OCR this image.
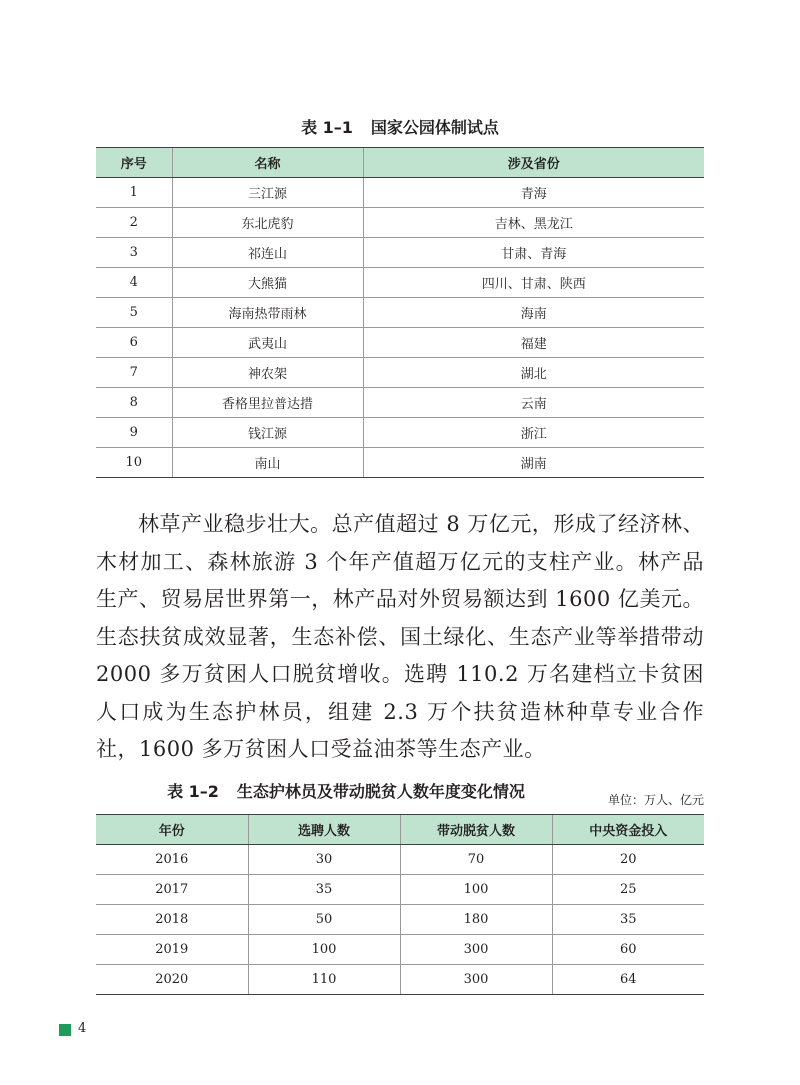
表 1–1 国家公园体制试点
序号	名称	涉及省份
1	三江源	青海
2	东北虎豹	吉林、黑龙江
3	祁连山	甘肃、青海
4	大熊猫	四川、甘肃、陕西
5	海南热带雨林	海南
6	武夷山	福建
7	神农架	湖北
8	香格里拉普达措	云南
9	钱江源	浙江
10	南山	湖南

林草产业稳步壮大。总产值超过 8 万亿元，形成了经济林、木材加工、森林旅游 3 个年产值超万亿元的支柱产业。林产品生产、贸易居世界第一，林产品对外贸易额达到 1600 亿美元。生态扶贫成效显著，生态补偿、国土绿化、生态产业等举措带动 2000 多万贫困人口脱贫增收。选聘 110.2 万名建档立卡贫困人口成为生态护林员，组建 2.3 万个扶贫造林种草专业合作社，1600 多万贫困人口受益油茶等生态产业。

表 1–2 生态护林员及带动脱贫人数年度变化情况	单位：万人、亿元
年份	选聘人数	带动脱贫人数	中央资金投入
2016	30	70	20
2017	35	100	25
2018	50	180	35
2019	100	300	60
2020	110	300	64
4
